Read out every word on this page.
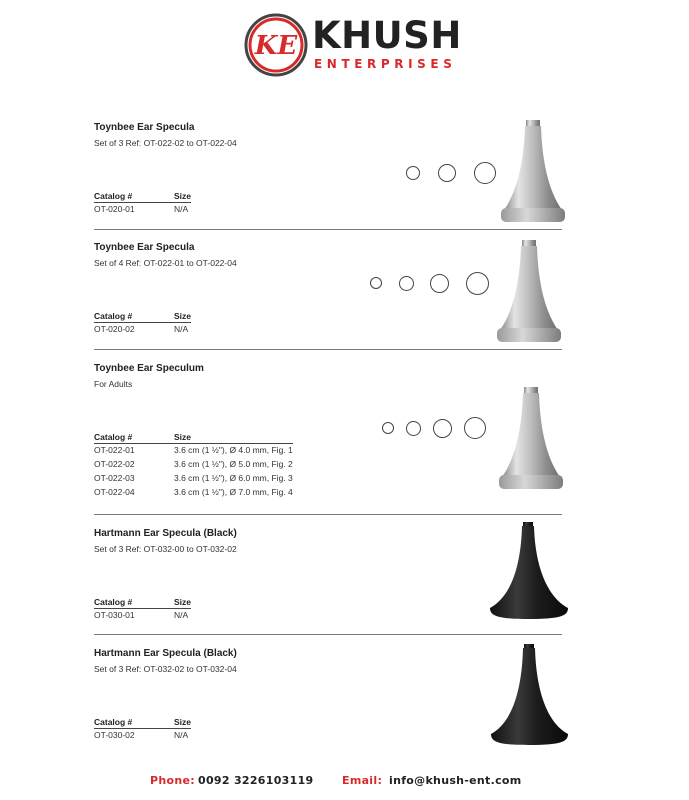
KE KHUSH
ENTERPRISES
Toynbee Ear Specula
Set of 3 Ref: OT-022-02 to OT-022-04
Catalog #	Size
OT-020-01	N/A
Toynbee Ear Specula
Set of 4 Ref: OT-022-01 to OT-022-04
Catalog #	Size
OT-020-02	N/A
Toynbee Ear Speculum
For Adults
Catalog #	Size
OT-022-01	3.6 cm (1 ½"), Ø 4.0 mm, Fig. 1
OT-022-02	3.6 cm (1 ½"), Ø 5.0 mm, Fig. 2
OT-022-03	3.6 cm (1 ½"), Ø 6.0 mm, Fig. 3
OT-022-04	3.6 cm (1 ½"), Ø 7.0 mm, Fig. 4
Hartmann Ear Specula (Black)
Set of 3 Ref: OT-032-00 to OT-032-02
Catalog #	Size
OT-030-01	N/A
Hartmann Ear Specula (Black)
Set of 3 Ref: OT-032-02 to OT-032-04
Catalog #	Size
OT-030-02	N/A
Phone: 0092 3226103119	Email: info@khush-ent.com
